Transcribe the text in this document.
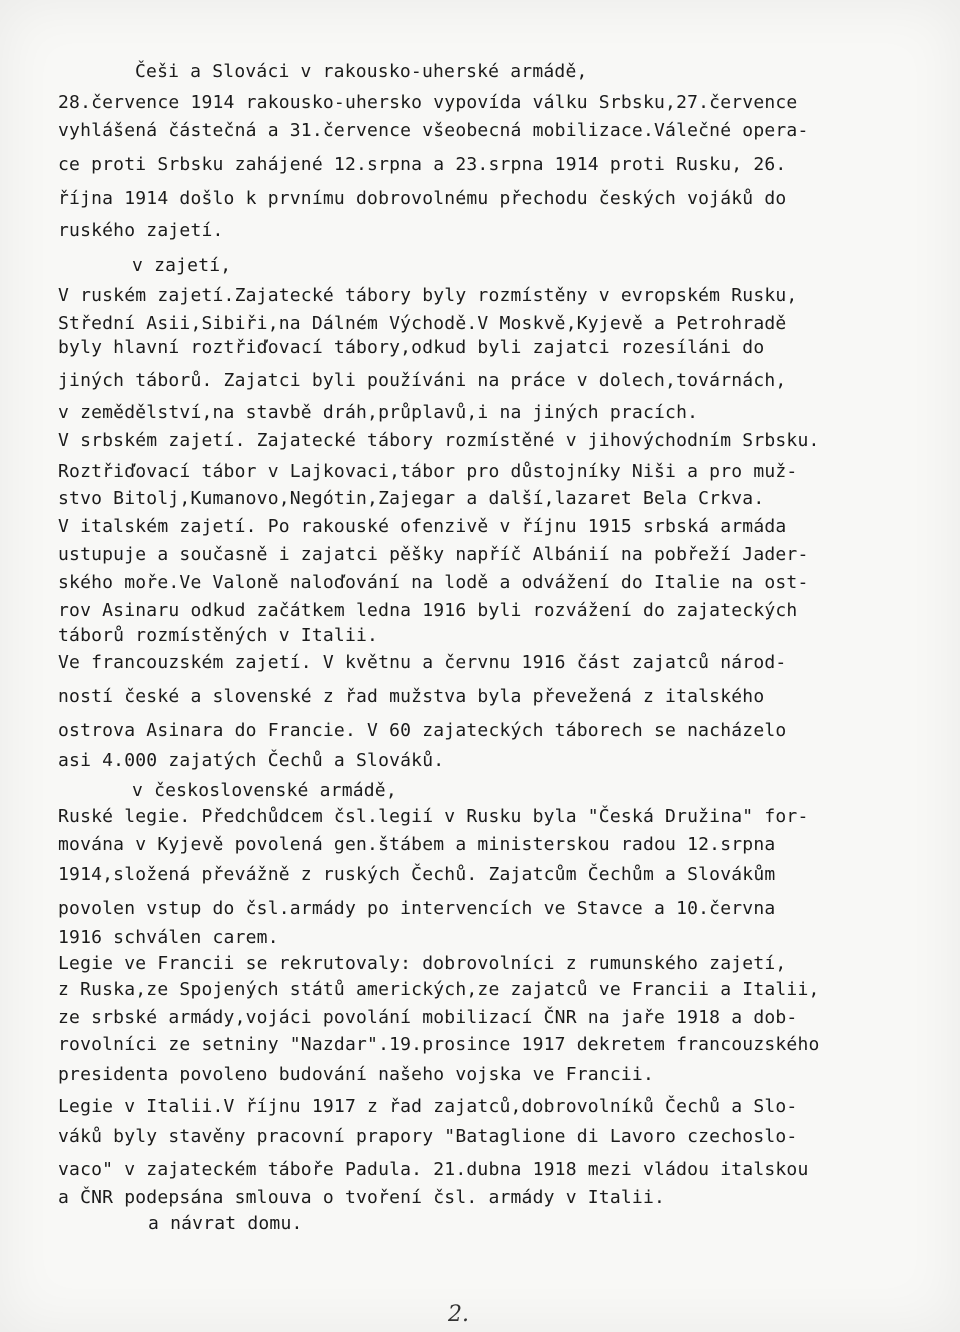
Češi a Slováci v rakousko-uherské armádě,
28.července 1914 rakousko-uhersko vypovída válku Srbsku,27.července
vyhlášená částečná a 31.července všeobecná mobilizace.Válečné opera-
ce proti Srbsku zahájené 12.srpna a 23.srpna 1914 proti Rusku, 26.
října 1914 došlo k prvnímu dobrovolnému přechodu českých vojáků do
ruského zajetí.
v zajetí,
V ruském zajetí.Zajatecké tábory byly rozmístěny v evropském Rusku,
Střední Asii,Sibiři,na Dálném Východě.V Moskvě,Kyjevě a Petrohradě
byly hlavní roztřiďovací tábory,odkud byli zajatci rozesíláni do
jiných táborů. Zajatci byli používáni na práce v dolech,továrnách,
v zemědělství,na stavbě dráh,průplavů,i na jiných pracích.
V srbském zajetí. Zajatecké tábory rozmístěné v jihovýchodním Srbsku.
Roztřiďovací tábor v Lajkovaci,tábor pro důstojníky Niši a pro muž-
stvo Bitolj,Kumanovo,Negótin,Zajegar a další,lazaret Bela Crkva.
V italském zajetí. Po rakouské ofenzivě v říjnu 1915 srbská armáda
ustupuje a současně i zajatci pěšky napříč Albánií na pobřeží Jader-
ského moře.Ve Valoně naloďování na lodě a odvážení do Italie na ost-
rov Asinaru odkud začátkem ledna 1916 byli rozvážení do zajateckých
táborů rozmístěných v Italii.
Ve francouzském zajetí. V květnu a červnu 1916 část zajatců národ-
ností české a slovenské z řad mužstva byla převežená z italského
ostrova Asinara do Francie. V 60 zajateckých táborech se nacházelo
asi 4.000 zajatých Čechů a Slováků.
v československé armádě,
Ruské legie. Předchůdcem čsl.legií v Rusku byla "Česká Družina" for-
mována v Kyjevě povolená gen.štábem a ministerskou radou 12.srpna
1914,složená převážně z ruských Čechů. Zajatcům Čechům a Slovákům
povolen vstup do čsl.armády po intervencích ve Stavce a 10.června
1916 schválen carem.
Legie ve Francii se rekrutovaly: dobrovolníci z rumunského zajetí,
z Ruska,ze Spojených států amerických,ze zajatců ve Francii a Italii,
ze srbské armády,vojáci povolání mobilizací ČNR na jaře 1918 a dob-
rovolníci ze setniny "Nazdar".19.prosince 1917 dekretem francouzského
presidenta povoleno budování našeho vojska ve Francii.
Legie v Italii.V říjnu 1917 z řad zajatců,dobrovolníků Čechů a Slo-
váků byly stavěny pracovní prapory "Bataglione di Lavoro czechoslo-
vaco" v zajateckém táboře Padula. 21.dubna 1918 mezi vládou italskou
a ČNR podepsána smlouva o tvoření čsl. armády v Italii.
a návrat domu.
2.
